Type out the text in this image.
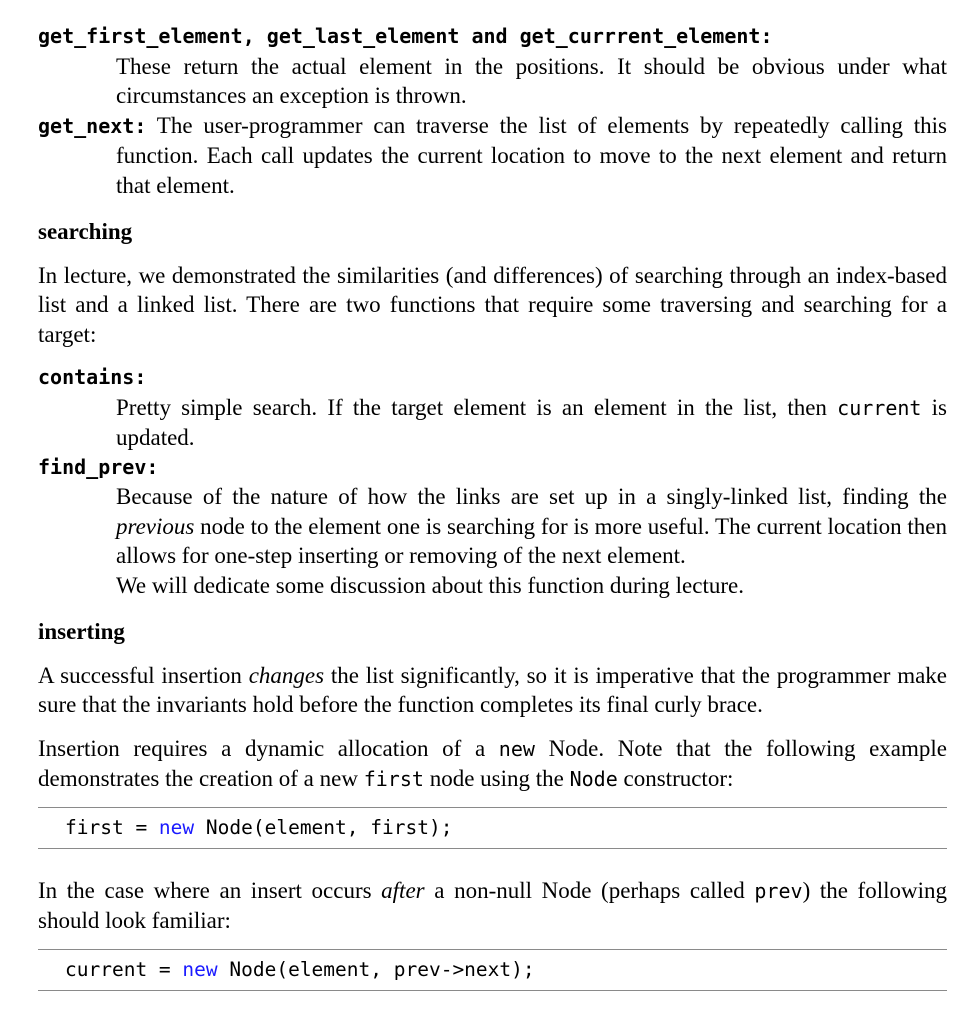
get_first_element, get_last_element and get_currrent_element:
These return the actual element in the positions. It should be obvious under what circumstances an exception is thrown.
get_next: The user-programmer can traverse the list of elements by repeatedly calling this function. Each call updates the current location to move to the next element and return that element.
searching

In lecture, we demonstrated the similarities (and differences) of searching through an index-based list and a linked list. There are two functions that require some traversing and searching for a target:

contains:
Pretty simple search. If the target element is an element in the list, then current is updated.
find_prev:
Because of the nature of how the links are set up in a singly-linked list, finding the previous node to the element one is searching for is more useful. The current location then allows for one-step inserting or removing of the next element.
We will dedicate some discussion about this function during lecture.
inserting

A successful insertion changes the list significantly, so it is imperative that the programmer make sure that the invariants hold before the function completes its final curly brace.

Insertion requires a dynamic allocation of a new Node. Note that the following example demonstrates the creation of a new first node using the Node constructor:

first = new Node(element, first);

In the case where an insert occurs after a non-null Node (perhaps called prev) the following should look familiar:

current = new Node(element, prev->next);
